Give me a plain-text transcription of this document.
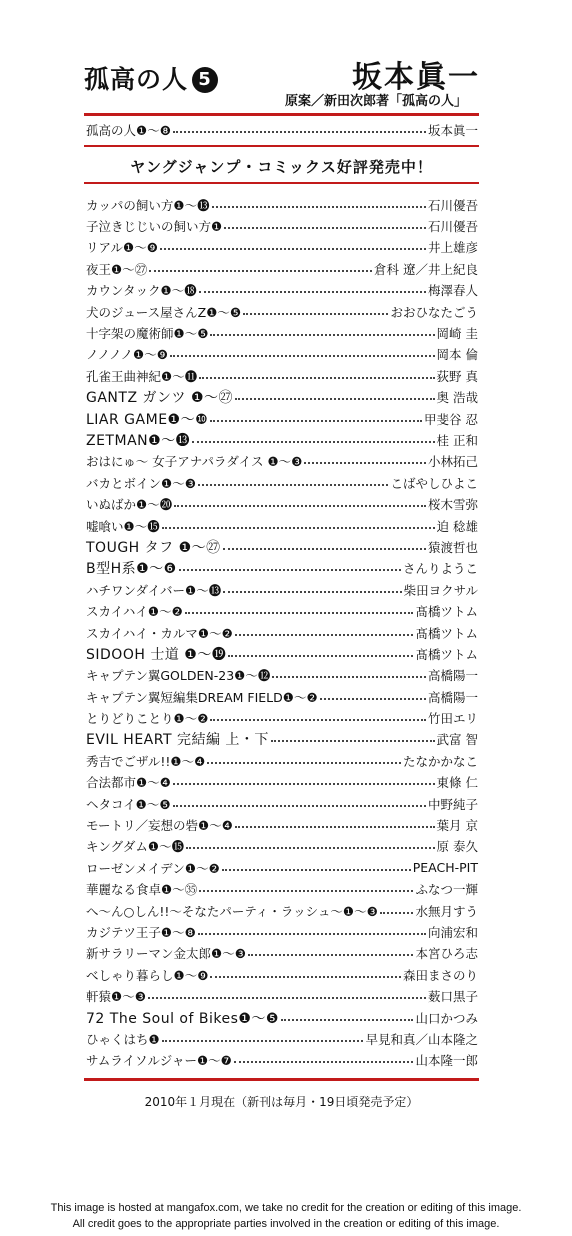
孤高の人 5	坂本眞一
原案／新田次郎著「孤高の人」
孤高の人❶〜❽	坂本眞一
ヤングジャンプ・コミックス好評発売中！
カッパの飼い方❶〜⓭	石川優吾
子泣きじじいの飼い方❶	石川優吾
リアル❶〜❾	井上雄彦
夜王❶〜㉗	倉科 遼／井上紀良
カウンタック❶〜⓲	梅澤春人
犬のジュース屋さんZ❶〜❺	おおひなたごう
十字架の魔術師❶〜❺	岡崎 圭
ノノノノ❶〜❾	岡本 倫
孔雀王曲神紀❶〜⓫	荻野 真
GANTZ ガンツ ❶〜㉗	奥 浩哉
LIAR GAME❶〜❿	甲斐谷 忍
ZETMAN❶〜⓭	桂 正和
おはにゅ〜 女子アナパラダイス ❶〜❸	小林拓己
バカとボイン❶〜❸	こばやしひよこ
いぬばか❶〜⓴	桜木雪弥
嘘喰い❶〜⓯	迫 稔雄
TOUGH タフ ❶〜㉗	猿渡哲也
B型H系❶〜❻	さんりようこ
ハチワンダイバー❶〜⓭	柴田ヨクサル
スカイハイ❶〜❷	髙橋ツトム
スカイハイ・カルマ❶〜❷	髙橋ツトム
SIDOOH 士道 ❶〜⓳	髙橋ツトム
キャプテン翼GOLDEN-23❶〜⓬	高橋陽一
キャプテン翼短編集DREAM FIELD❶〜❷	高橋陽一
とりどりことり❶〜❷	竹田エリ
EVIL HEART 完結編 上・下	武富 智
秀吉でごザル!!❶〜❹	たなかかなこ
合法都市❶〜❹	東條 仁
ヘタコイ❶〜❺	中野純子
モートリ／妄想の砦❶〜❹	葉月 京
キングダム❶〜⓯	原 泰久
ローゼンメイデン❶〜❷	PEACH-PIT
華麗なる食卓❶〜㉟	ふなつ一輝
へ〜ん○しん!!〜そなたパーティ・ラッシュ〜❶〜❸	水無月すう
カジテツ王子❶〜❽	向浦宏和
新サラリーマン金太郎❶〜❸	本宮ひろ志
べしゃり暮らし❶〜❾	森田まさのり
軒猿❶〜❸	薮口黒子
72 The Soul of Bikes❶〜❺	山口かつみ
ひゃくはち❶	早見和真／山本隆之
サムライソルジャー❶〜❼	山本隆一郎
2010年１月現在（新刊は毎月・19日頃発売予定）
This image is hosted at mangafox.com, we take no credit for the creation or editing of this image.
All credit goes to the appropriate parties involved in the creation or editing of this image.
